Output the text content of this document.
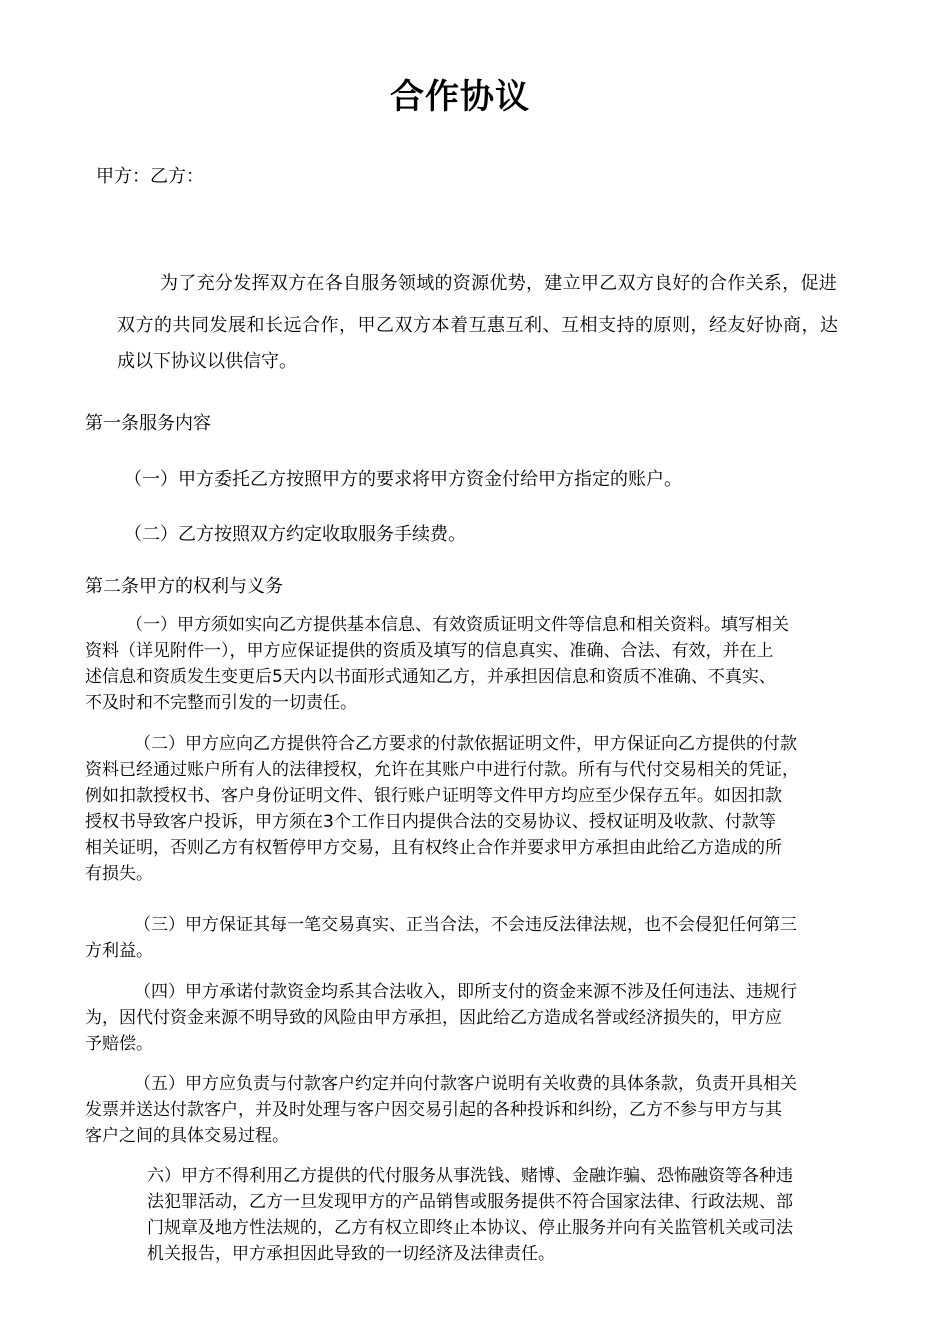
合作协议

甲方：乙方：

为了充分发挥双方在各自服务领域的资源优势，建立甲乙双方良好的合作关系，促进

双方的共同发展和长远合作，甲乙双方本着互惠互利、互相支持的原则，经友好协商，达

成以下协议以供信守。

第一条服务内容

（一）甲方委托乙方按照甲方的要求将甲方资金付给甲方指定的账户。

（二）乙方按照双方约定收取服务手续费。

第二条甲方的权利与义务

（一）甲方须如实向乙方提供基本信息、有效资质证明文件等信息和相关资料。填写相关

资料（详见附件一），甲方应保证提供的资质及填写的信息真实、准确、合法、有效，并在上

述信息和资质发生变更后5天内以书面形式通知乙方，并承担因信息和资质不准确、不真实、

不及时和不完整而引发的一切责任。

（二）甲方应向乙方提供符合乙方要求的付款依据证明文件，甲方保证向乙方提供的付款

资料已经通过账户所有人的法律授权，允许在其账户中进行付款。所有与代付交易相关的凭证，

例如扣款授权书、客户身份证明文件、银行账户证明等文件甲方均应至少保存五年。如因扣款

授权书导致客户投诉，甲方须在3个工作日内提供合法的交易协议、授权证明及收款、付款等

相关证明，否则乙方有权暂停甲方交易，且有权终止合作并要求甲方承担由此给乙方造成的所

有损失。

（三）甲方保证其每一笔交易真实、正当合法，不会违反法律法规，也不会侵犯任何第三

方利益。

（四）甲方承诺付款资金均系其合法收入，即所支付的资金来源不涉及任何违法、违规行

为，因代付资金来源不明导致的风险由甲方承担，因此给乙方造成名誉或经济损失的，甲方应

予赔偿。

（五）甲方应负责与付款客户约定并向付款客户说明有关收费的具体条款，负责开具相关

发票并送达付款客户，并及时处理与客户因交易引起的各种投诉和纠纷，乙方不参与甲方与其

客户之间的具体交易过程。

六）甲方不得利用乙方提供的代付服务从事洗钱、赌博、金融诈骗、恐怖融资等各种违

法犯罪活动，乙方一旦发现甲方的产品销售或服务提供不符合国家法律、行政法规、部

门规章及地方性法规的，乙方有权立即终止本协议、停止服务并向有关监管机关或司法

机关报告，甲方承担因此导致的一切经济及法律责任。
